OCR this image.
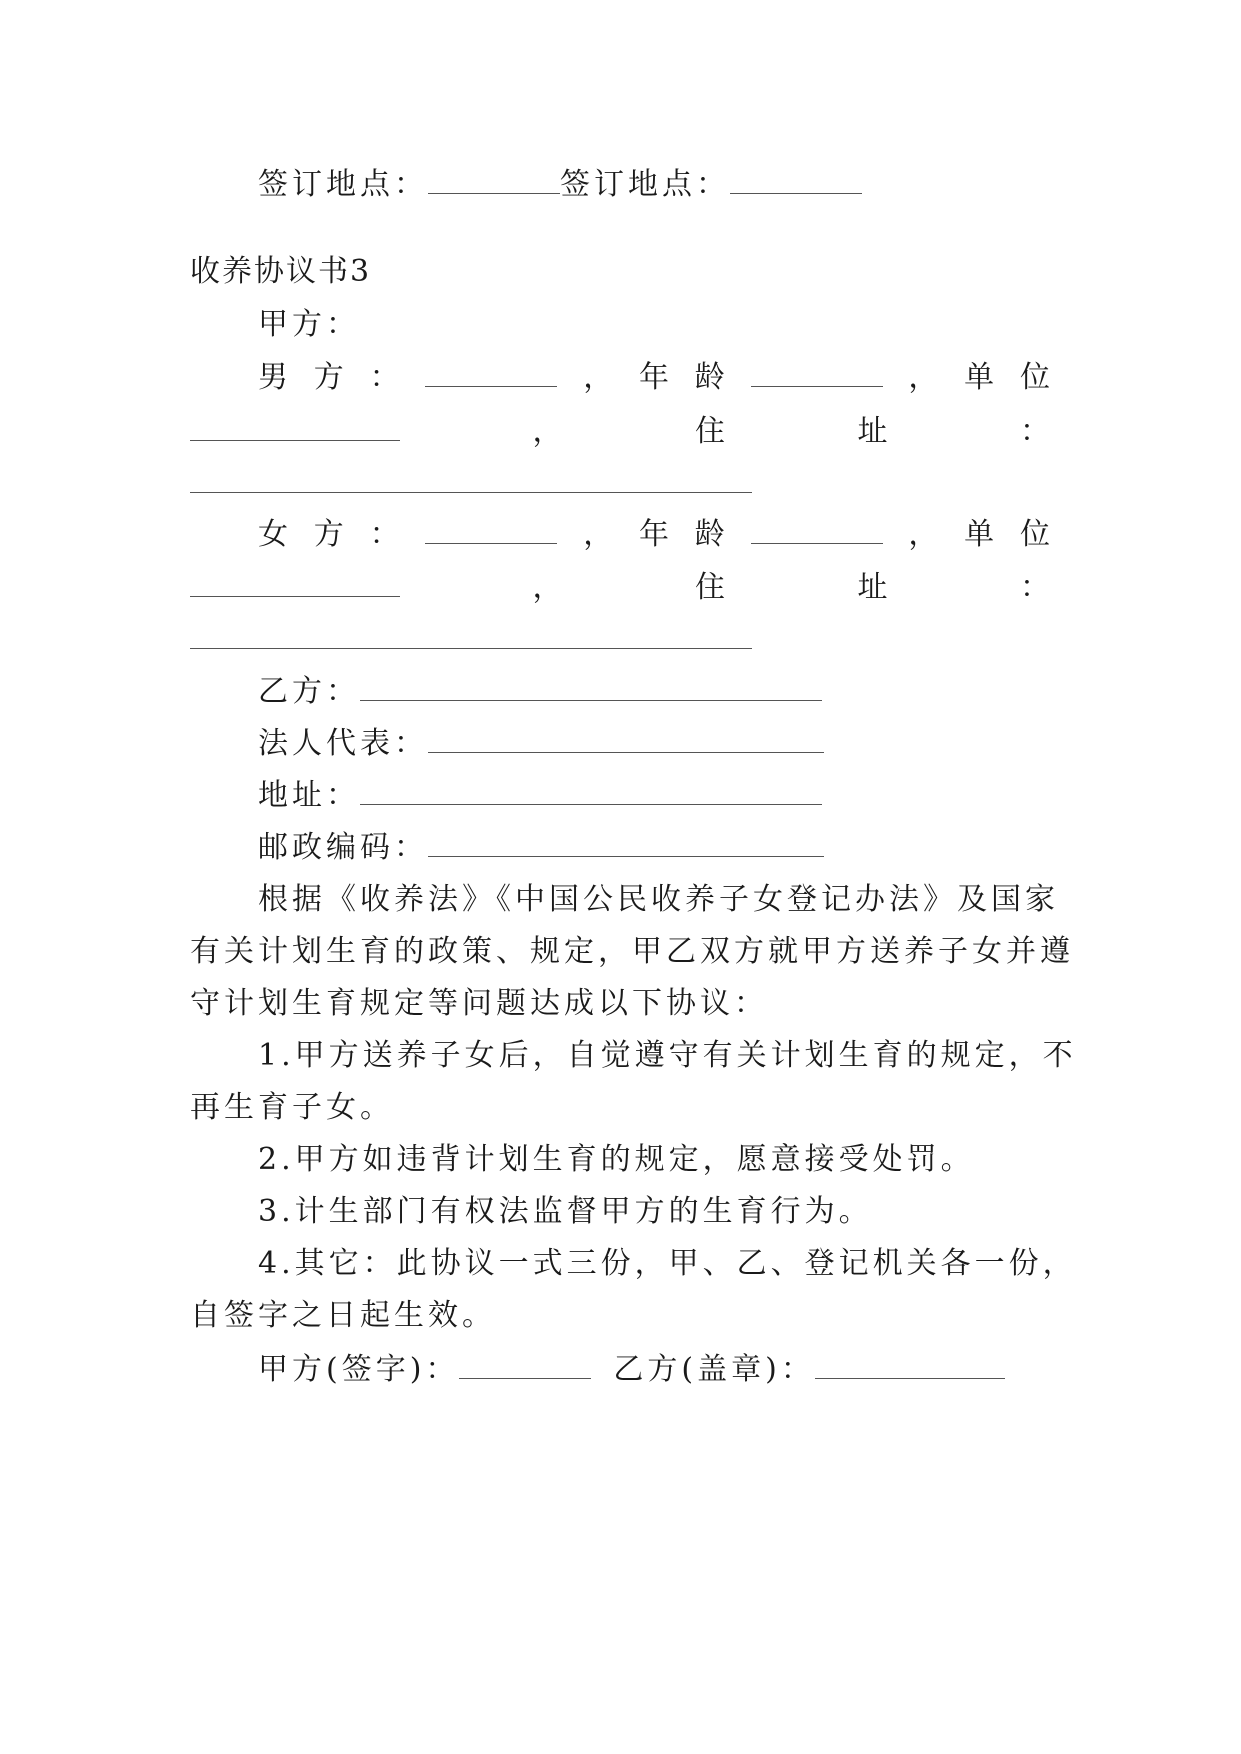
签订地点：	签订地点：
收养协议书3
甲方：
男 方 ：	， 年 龄	， 单 位
，	住	址	：
女 方 ：	， 年 龄	， 单 位
，	住	址	：
乙方：
法人代表：
地址：
邮政编码：
根据《收养法》《中国公民收养子女登记办法》及国家
有关计划生育的政策、规定，甲乙双方就甲方送养子女并遵
守计划生育规定等问题达成以下协议：
1.甲方送养子女后，自觉遵守有关计划生育的规定，不
再生育子女。
2.甲方如违背计划生育的规定，愿意接受处罚。
3.计生部门有权法监督甲方的生育行为。
4.其它：此协议一式三份，甲、乙、登记机关各一份，
自签字之日起生效。
甲方(签字)：	乙方(盖章)：
